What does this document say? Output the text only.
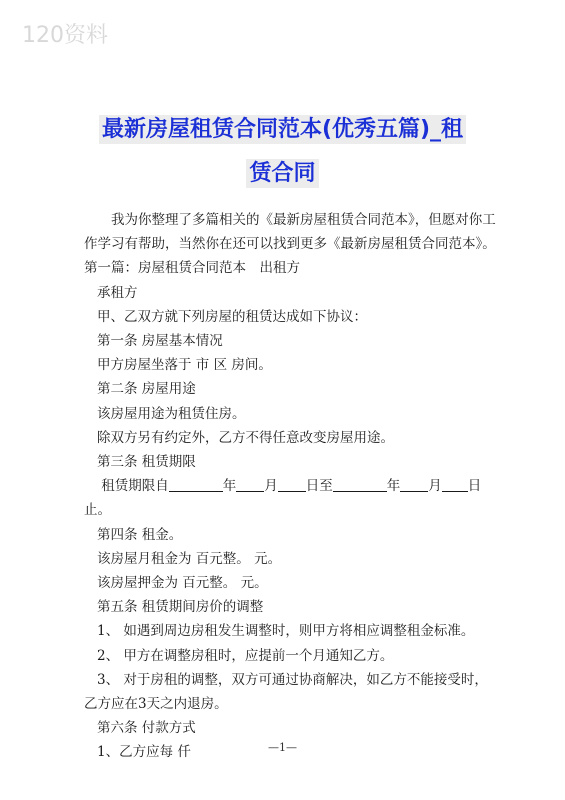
120资料
最新房屋租赁合同范本(优秀五篇)_租
赁合同

我为你整理了多篇相关的《最新房屋租赁合同范本》，但愿对你工

作学习有帮助，当然你在还可以找到更多《最新房屋租赁合同范本》。

第一篇：房屋租赁合同范本　出租方

承租方

甲、乙双方就下列房屋的租赁达成如下协议：

第一条 房屋基本情况

甲方房屋坐落于 市 区 房间。

第二条 房屋用途

该房屋用途为租赁住房。

除双方另有约定外，乙方不得任意改变房屋用途。

第三条 租赁期限

租赁期限自	年 月 日至	年 月 日

止。

第四条 租金。

该房屋月租金为 百元整。 元。

该房屋押金为 百元整。 元。

第五条 租赁期间房价的调整

1、 如遇到周边房租发生调整时，则甲方将相应调整租金标准。

2、 甲方在调整房租时，应提前一个月通知乙方。

3、 对于房租的调整，双方可通过协商解决，如乙方不能接受时，

乙方应在3天之内退房。

第六条 付款方式

1、乙方应每 仟	—1—
